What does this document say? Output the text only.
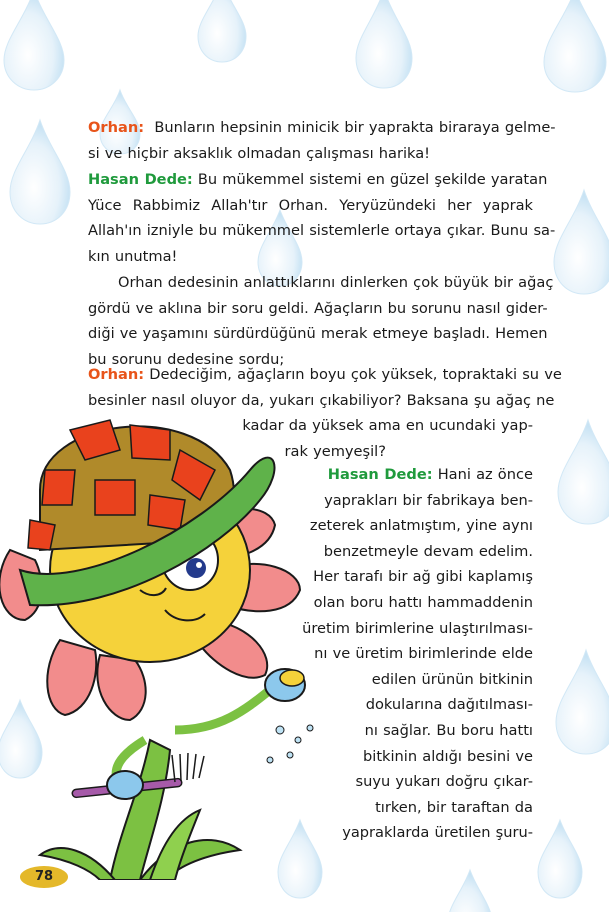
Orhan: Bunların hepsinin minicik bir yaprakta biraraya gelme-
si ve hiçbir aksaklık olmadan çalışması harika!
Hasan Dede: Bu mükemmel sistemi en güzel şekilde yaratan
Yüce Rabbimiz Allah'tır Orhan. Yeryüzündeki her yaprak
Allah'ın izniyle bu mükemmel sistemlerle ortaya çıkar. Bunu sa-
kın unutma!
Orhan dedesinin anlattıklarını dinlerken çok büyük bir ağaç
gördü ve aklına bir soru geldi. Ağaçların bu sorunu nasıl gider-
diği ve yaşamını sürdürdüğünü merak etmeye başladı. Hemen
bu sorunu dedesine sordu;
Orhan: Dedeciğim, ağaçların boyu çok yüksek, topraktaki su ve
besinler nasıl oluyor da, yukarı çıkabiliyor? Baksana şu ağaç ne
kadar da yüksek ama en ucundaki yap-
rak yemyeşil?
Hasan Dede: Hani az önce
yaprakları bir fabrikaya ben-
zeterek anlatmıştım, yine aynı
benzetmeyle devam edelim.
Her tarafı bir ağ gibi kaplamış
olan boru hattı hammaddenin
üretim birimlerine ulaştırılması-
nı ve üretim birimlerinde elde
edilen ürünün bitkinin
dokularına dağıtılması-
nı sağlar. Bu boru hattı
bitkinin aldığı besini ve
suyu yukarı doğru çıkar-
tırken, bir taraftan da
yapraklarda üretilen şuru-
78
